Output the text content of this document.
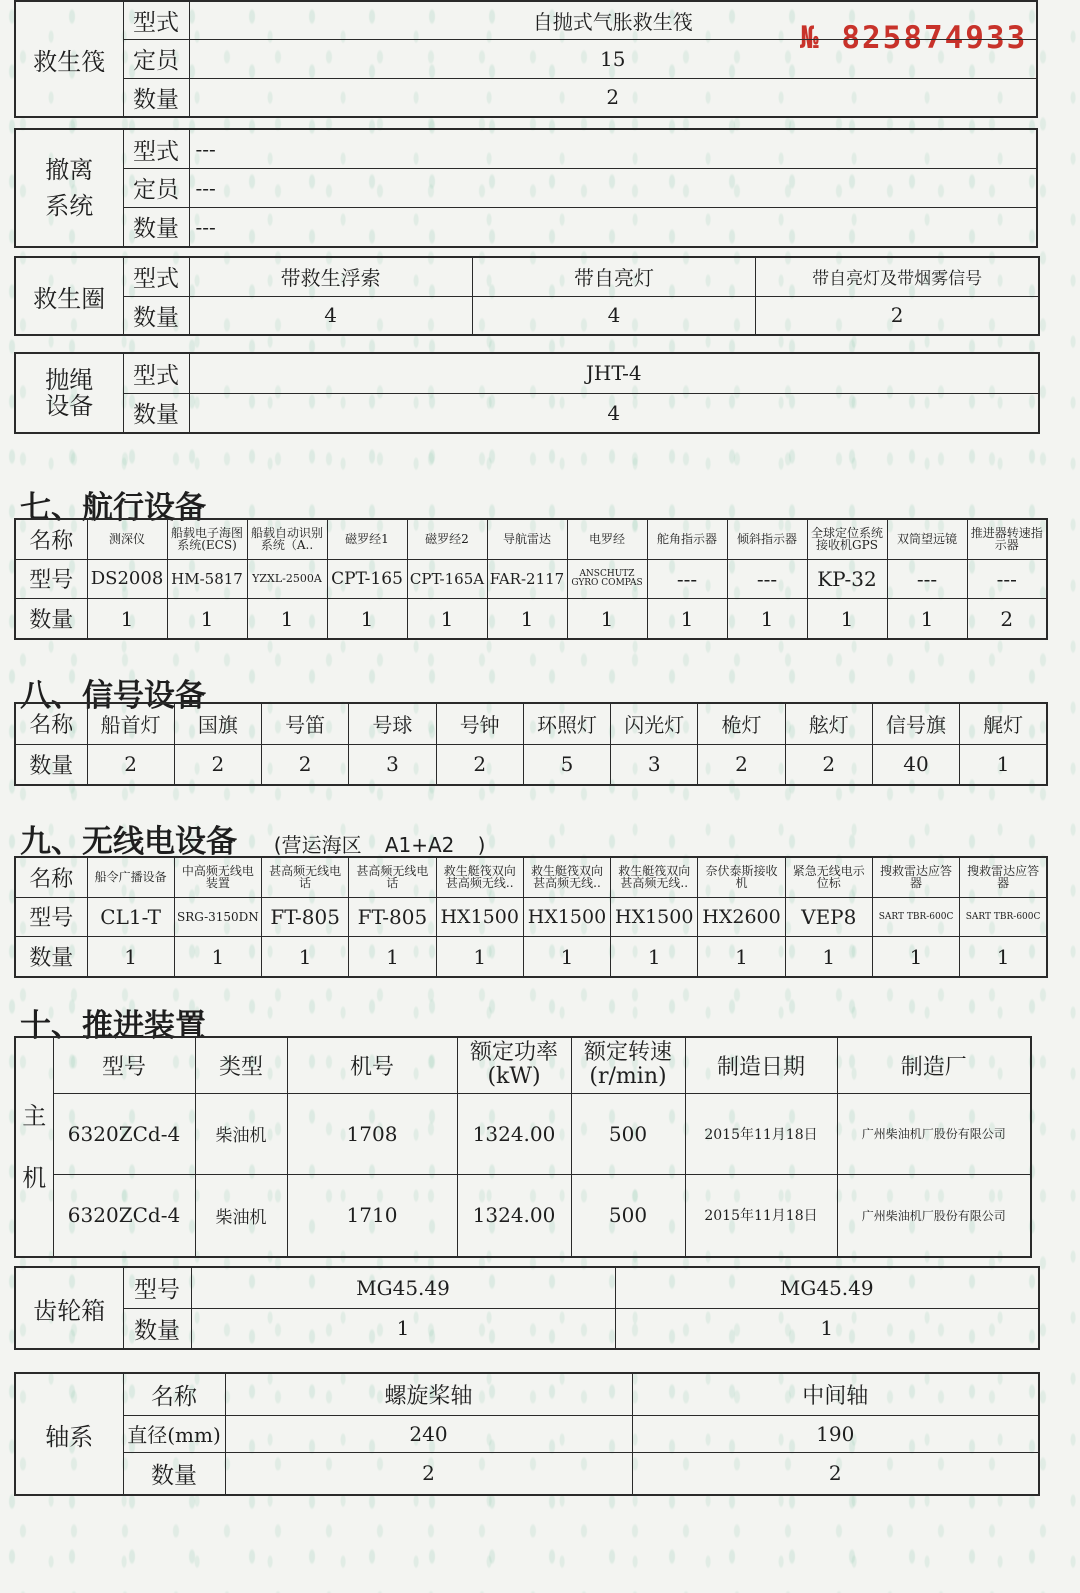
№ 825874933
救生筏	型式	自抛式气胀救生筏
	定员	15
	数量	2
撤离系统	型式	---
	定员	---
	数量	---
救生圈	型式	带救生浮索	带自亮灯	带自亮灯及带烟雾信号
	数量	4	4	2
抛绳设备	型式	JHT-4
	数量	4
七、航行设备
名称	测深仪	船载电子海图系统(ECS)	船载自动识别系统（A..	磁罗经1	磁罗经2	导航雷达	电罗经	舵角指示器	倾斜指示器	全球定位系统接收机GPS	双筒望远镜	推进器转速指示器
型号	DS2008	HM-5817	YZXL-2500A	CPT-165	CPT-165A	FAR-2117	ANSCHUTZ GYRO COMPAS	---	---	KP-32	---	---
数量	1	1	1	1	1	1	1	1	1	1	1	2
八、信号设备
名称	船首灯	国旗	号笛	号球	号钟	环照灯	闪光灯	桅灯	舷灯	信号旗	艉灯
数量	2	2	2	3	2	5	3	2	2	40	1
九、无线电设备 (营运海区 A1+A2 )
名称	船令广播设备	中高频无线电装置	甚高频无线电话	甚高频无线电话	救生艇筏双向甚高频无线..	救生艇筏双向甚高频无线..	救生艇筏双向甚高频无线..	奈伏泰斯接收机	紧急无线电示位标	搜救雷达应答器	搜救雷达应答器
型号	CL1-T	SRG-3150DN	FT-805	FT-805	HX1500	HX1500	HX1500	HX2600	VEP8	SART TBR-600C	SART TBR-600C
数量	1	1	1	1	1	1	1	1	1	1	1
十、推进装置
主机	型号	类型	机号	额定功率(kW)	额定转速(r/min)	制造日期	制造厂
	6320ZCd-4	柴油机	1708	1324.00	500	2015年11月18日	广州柴油机厂股份有限公司
	6320ZCd-4	柴油机	1710	1324.00	500	2015年11月18日	广州柴油机厂股份有限公司
齿轮箱	型号	MG45.49	MG45.49
	数量	1	1
轴系	名称	螺旋桨轴	中间轴
	直径(mm)	240	190
	数量	2	2
